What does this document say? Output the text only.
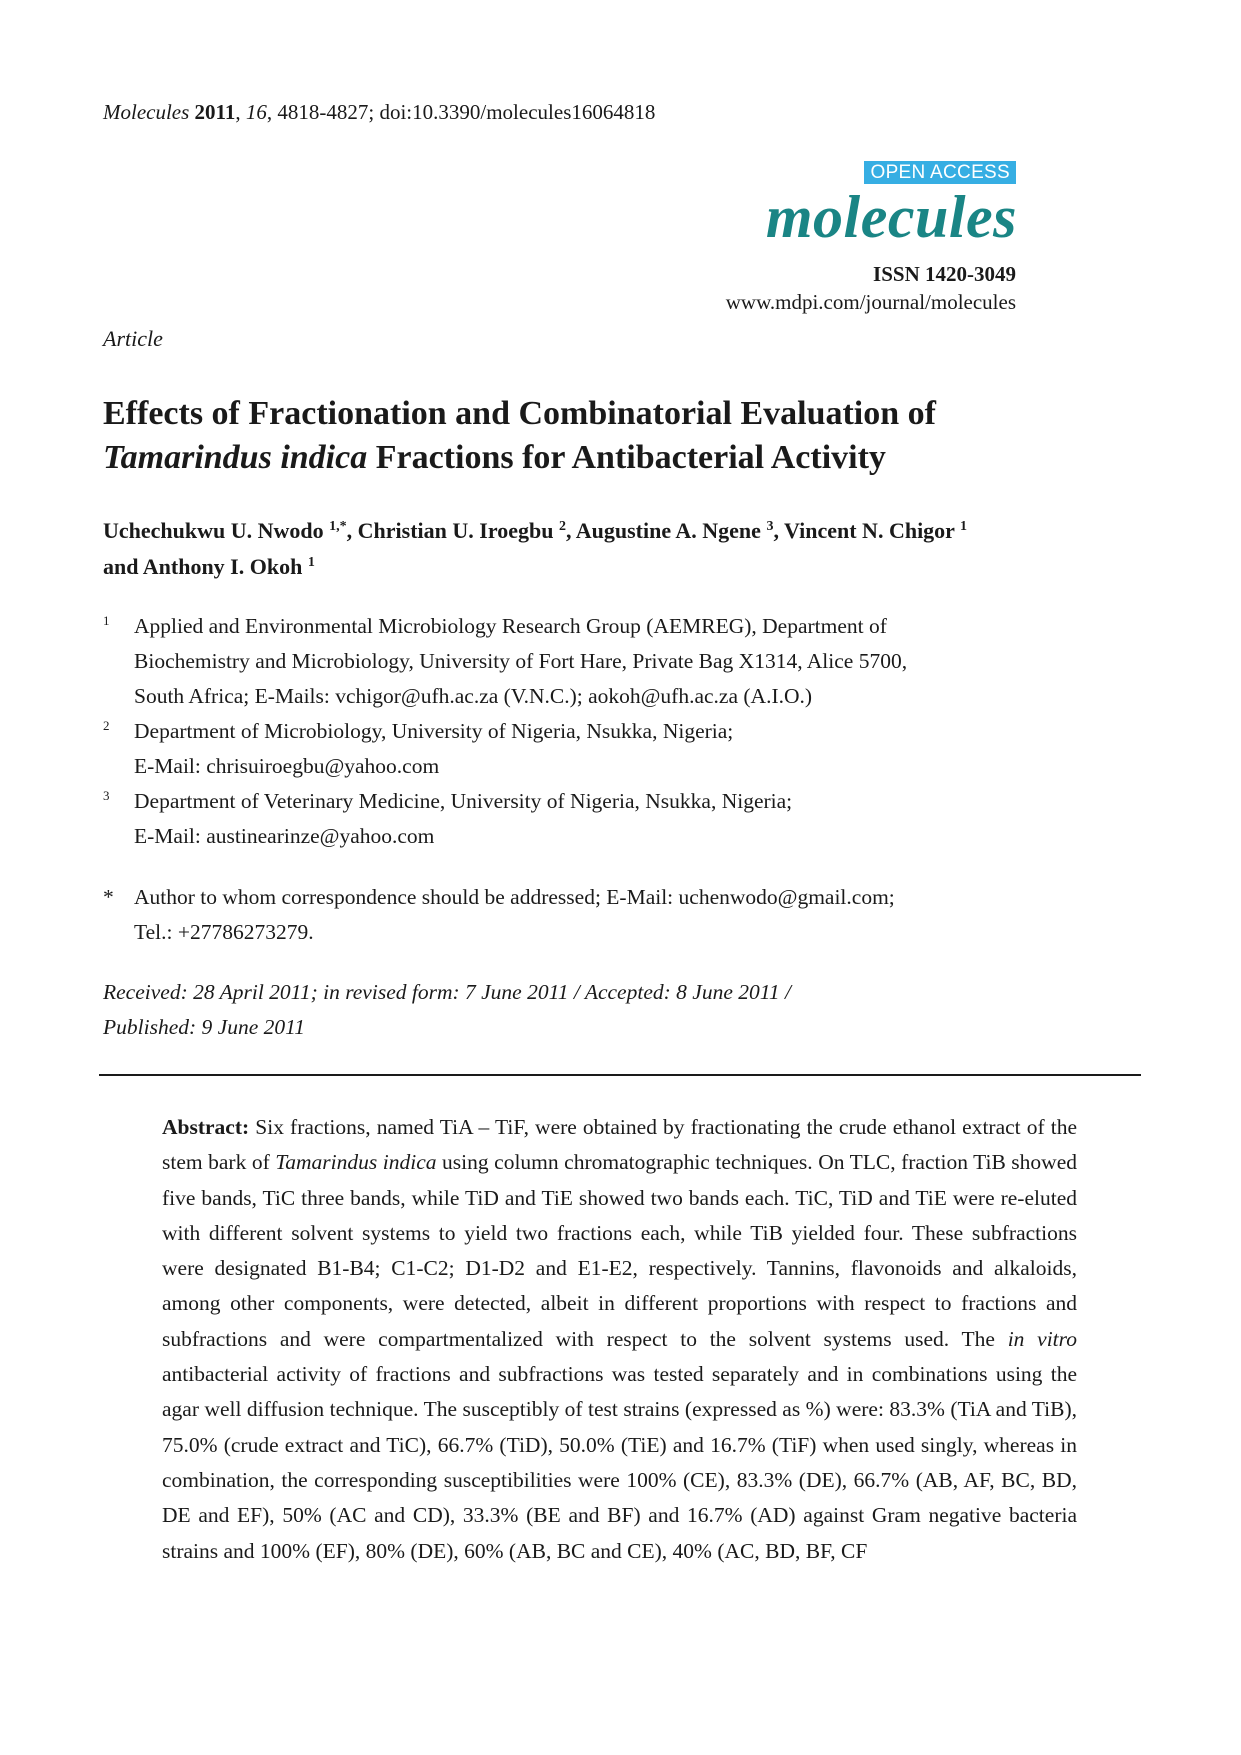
Molecules 2011, 16, 4818-4827; doi:10.3390/molecules16064818
OPEN ACCESS
molecules
ISSN 1420-3049
www.mdpi.com/journal/molecules
Article
Effects of Fractionation and Combinatorial Evaluation of
Tamarindus indica Fractions for Antibacterial Activity
Uchechukwu U. Nwodo $^{1,*}$, Christian U. Iroegbu $^2$, Augustine A. Ngene $^3$, Vincent N. Chigor $^1$
and Anthony I. Okoh $^1$
1 Applied and Environmental Microbiology Research Group (AEMREG), Department of
Biochemistry and Microbiology, University of Fort Hare, Private Bag X1314, Alice 5700,
South Africa; E-Mails: vchigor@ufh.ac.za (V.N.C.); aokoh@ufh.ac.za (A.I.O.)
2 Department of Microbiology, University of Nigeria, Nsukka, Nigeria;
E-Mail: chrisuiroegbu@yahoo.com
3 Department of Veterinary Medicine, University of Nigeria, Nsukka, Nigeria;
E-Mail: austinearinze@yahoo.com
* Author to whom correspondence should be addressed; E-Mail: uchenwodo@gmail.com;
Tel.: +27786273279.
Received: 28 April 2011; in revised form: 7 June 2011 / Accepted: 8 June 2011 /
Published: 9 June 2011

Abstract: Six fractions, named TiA – TiF, were obtained by fractionating the crude ethanol extract of the stem bark of Tamarindus indica using column chromatographic techniques. On TLC, fraction TiB showed five bands, TiC three bands, while TiD and TiE showed two bands each. TiC, TiD and TiE were re-eluted with different solvent systems to yield two fractions each, while TiB yielded four. These subfractions were designated B1-B4; C1-C2; D1-D2 and E1-E2, respectively. Tannins, flavonoids and alkaloids, among other components, were detected, albeit in different proportions with respect to fractions and subfractions and were compartmentalized with respect to the solvent systems used. The in vitro antibacterial activity of fractions and subfractions was tested separately and in combinations using the agar well diffusion technique. The susceptibly of test strains (expressed as %) were: 83.3% (TiA and TiB), 75.0% (crude extract and TiC), 66.7% (TiD), 50.0% (TiE) and 16.7% (TiF) when used singly, whereas in combination, the corresponding susceptibilities were 100% (CE), 83.3% (DE), 66.7% (AB, AF, BC, BD, DE and EF), 50% (AC and CD), 33.3% (BE and BF) and 16.7% (AD) against Gram negative bacteria strains and 100% (EF), 80% (DE), 60% (AB, BC and CE), 40% (AC, BD, BF, CF
